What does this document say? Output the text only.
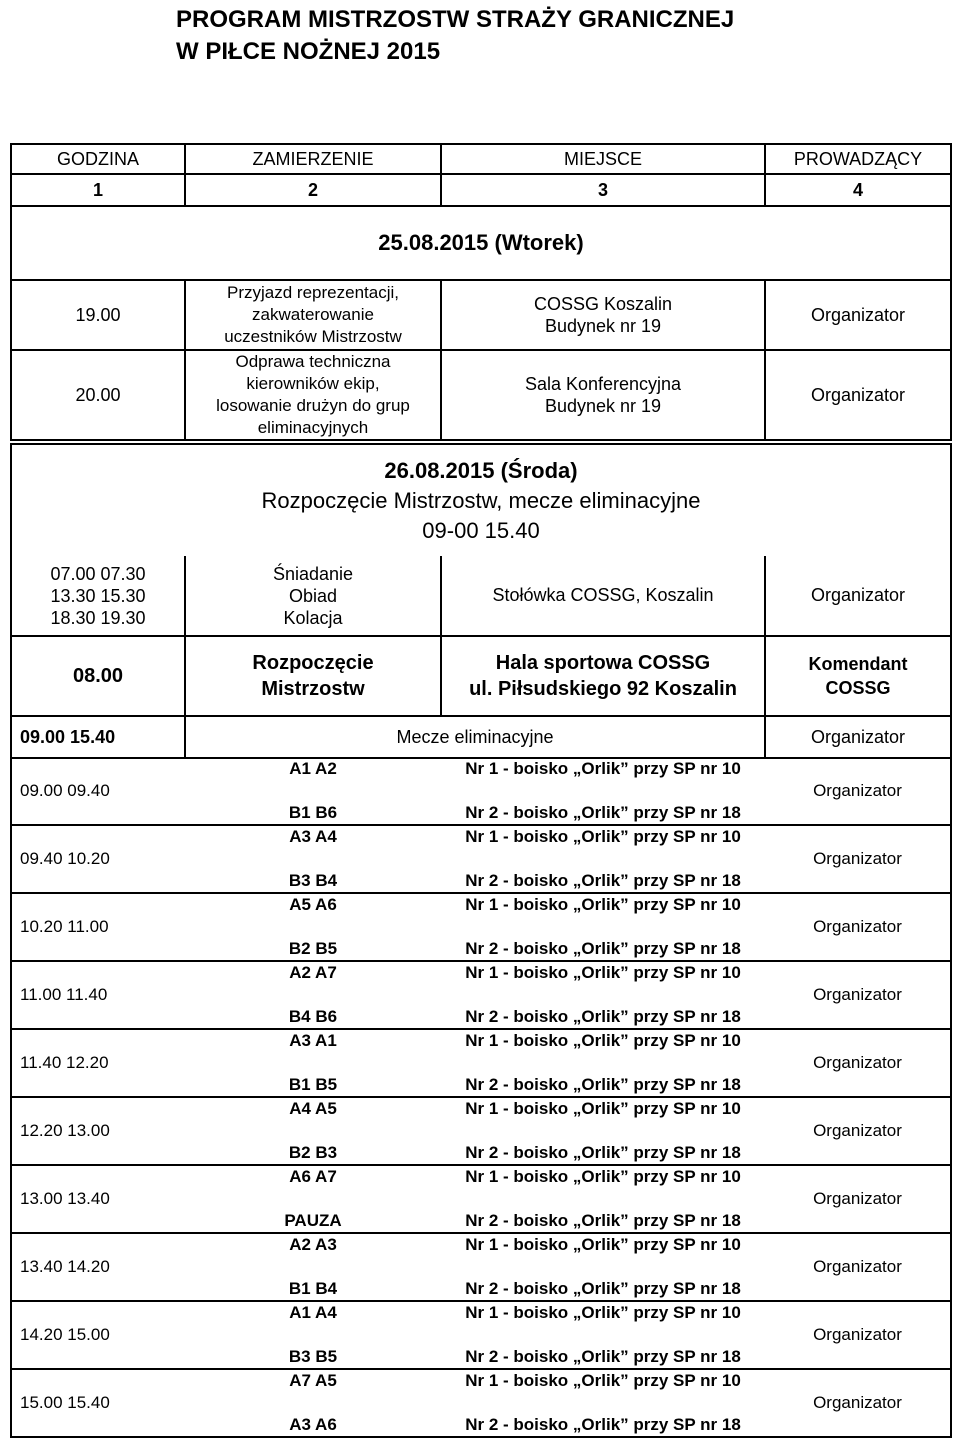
PROGRAM MISTRZOSTW STRAŻY GRANICZNEJ
W PIŁCE NOŻNEJ 2015
GODZINA	ZAMIERZENIE	MIEJSCE	PROWADZĄCY
1	2	3	4
25.08.2015 (Wtorek)			
19.00	Przyjazd reprezentacji,
zakwaterowanie
uczestników Mistrzostw	COSSG Koszalin
Budynek nr 19	Organizator
20.00	Odprawa techniczna
kierowników ekip,
losowanie drużyn do grup
eliminacyjnych	Sala Konferencyjna
Budynek nr 19	Organizator
26.08.2015 (Środa)
Rozpoczęcie Mistrzostw, mecze eliminacyjne
09-00 15.40			

07.00 07.30
13.30 15.30
18.30 19.30	Śniadanie
Obiad
Kolacja	Stołówka COSSG, Koszalin	Organizator
08.00	Rozpoczęcie
Mistrzostw	Hala sportowa COSSG
ul. Piłsudskiego 92 Koszalin	Komendant
COSSG

09.00 15.40	Mecze eliminacyjne		Organizator
09.00 09.40	A1 A2
B1 B6	Nr 1 - boisko „Orlik” przy SP nr 10
Nr 2 - boisko „Orlik” przy SP nr 18	Organizator
09.40 10.20	A3 A4
B3 B4	Nr 1 - boisko „Orlik” przy SP nr 10
Nr 2 - boisko „Orlik” przy SP nr 18	Organizator
10.20 11.00	A5 A6
B2 B5	Nr 1 - boisko „Orlik” przy SP nr 10
Nr 2 - boisko „Orlik” przy SP nr 18	Organizator
11.00 11.40	A2 A7
B4 B6	Nr 1 - boisko „Orlik” przy SP nr 10
Nr 2 - boisko „Orlik” przy SP nr 18	Organizator
11.40 12.20	A3 A1
B1 B5	Nr 1 - boisko „Orlik” przy SP nr 10
Nr 2 - boisko „Orlik” przy SP nr 18	Organizator
12.20 13.00	A4 A5
B2 B3	Nr 1 - boisko „Orlik” przy SP nr 10
Nr 2 - boisko „Orlik” przy SP nr 18	Organizator
13.00 13.40	A6 A7
PAUZA	Nr 1 - boisko „Orlik” przy SP nr 10
Nr 2 - boisko „Orlik” przy SP nr 18	Organizator
13.40 14.20	A2 A3
B1 B4	Nr 1 - boisko „Orlik” przy SP nr 10
Nr 2 - boisko „Orlik” przy SP nr 18	Organizator
14.20 15.00	A1 A4
B3 B5	Nr 1 - boisko „Orlik” przy SP nr 10
Nr 2 - boisko „Orlik” przy SP nr 18	Organizator
15.00 15.40	A7 A5
A3 A6	Nr 1 - boisko „Orlik” przy SP nr 10
Nr 2 - boisko „Orlik” przy SP nr 18	Organizator
